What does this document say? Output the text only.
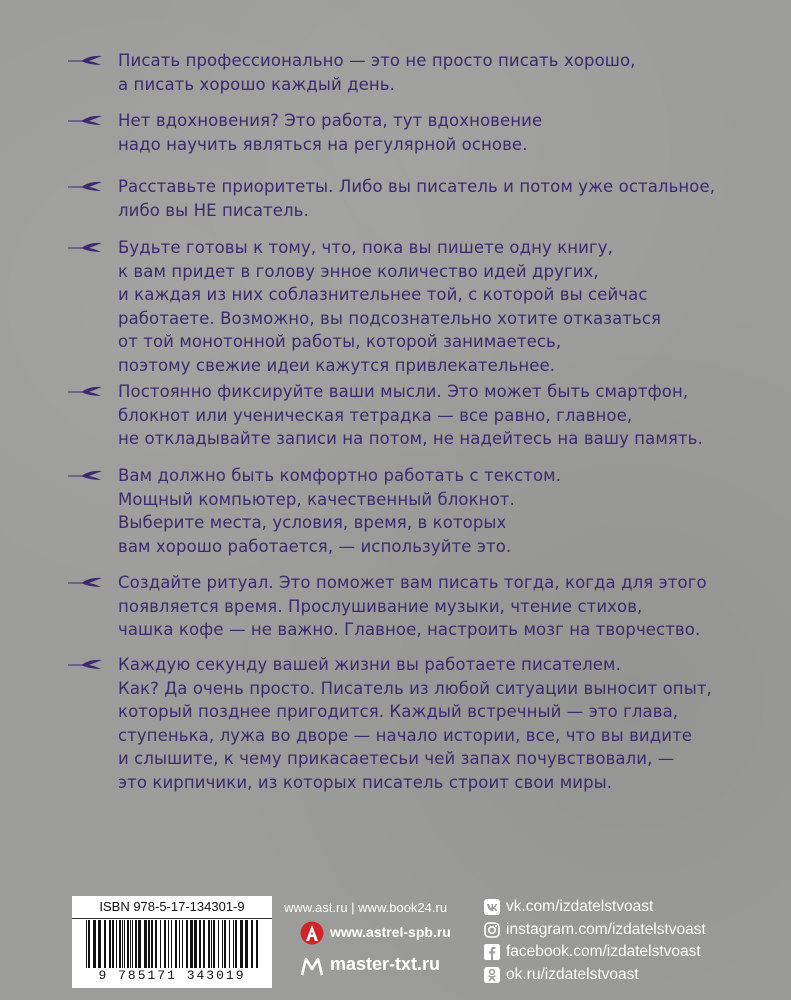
Писать профессионально — это не просто писать хорошо,
а писать хорошо каждый день.
Нет вдохновения? Это работа, тут вдохновение
надо научить являться на регулярной основе.
Расставьте приоритеты. Либо вы писатель и потом уже остальное,
либо вы НЕ писатель.
Будьте готовы к тому, что, пока вы пишете одну книгу,
к вам придет в голову энное количество идей других,
и каждая из них соблазнительнее той, с которой вы сейчас
работаете. Возможно, вы подсознательно хотите отказаться
от той монотонной работы, которой занимаетесь,
поэтому свежие идеи кажутся привлекательнее.
Постоянно фиксируйте ваши мысли. Это может быть смартфон,
блокнот или ученическая тетрадка — все равно, главное,
не откладывайте записи на потом, не надейтесь на вашу память.
Вам должно быть комфортно работать с текстом.
Мощный компьютер, качественный блокнот.
Выберите места, условия, время, в которых
вам хорошо работается, — используйте это.
Создайте ритуал. Это поможет вам писать тогда, когда для этого
появляется время. Прослушивание музыки, чтение стихов,
чашка кофе — не важно. Главное, настроить мозг на творчество.
Каждую секунду вашей жизни вы работаете писателем.
Как? Да очень просто. Писатель из любой ситуации выносит опыт,
который позднее пригодится. Каждый встречный — это глава,
ступенька, лужа во дворе — начало истории, все, что вы видите
и слышите, к чему прикасаетесьи чей запах почувствовали, —
это кирпичики, из которых писатель строит свои миры.
ISBN 978-5-17-134301-9
9 785171 343019
www.ast.ru | www.book24.ru
www.astrel-spb.ru
master-txt.ru
vk.com/izdatelstvoast
instagram.com/izdatelstvoast
facebook.com/izdatelstvoast
ok.ru/izdatelstvoast
